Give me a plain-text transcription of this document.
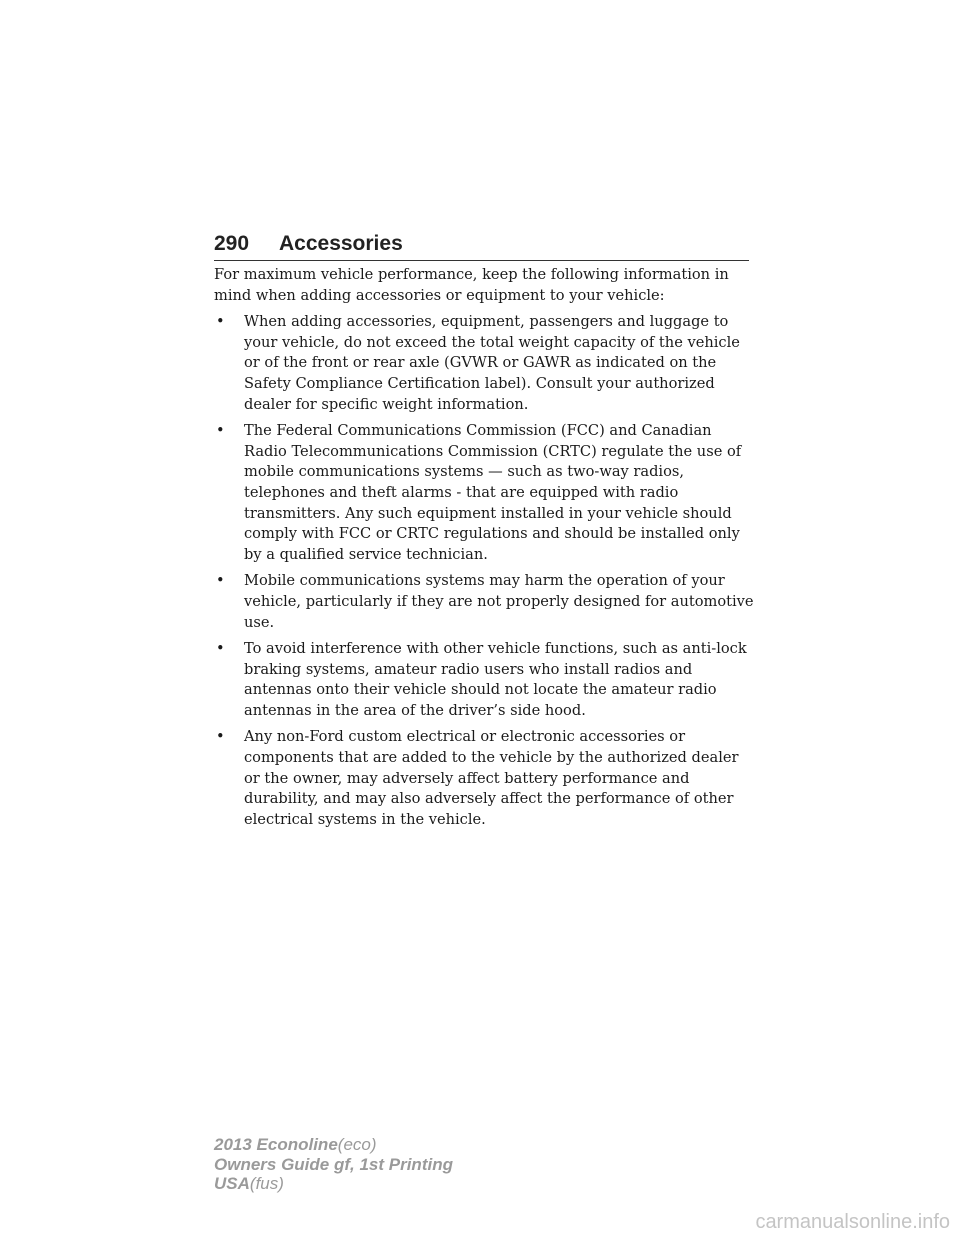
290 Accessories

For maximum vehicle performance, keep the following information in mind when adding accessories or equipment to your vehicle:

• When adding accessories, equipment, passengers and luggage to your vehicle, do not exceed the total weight capacity of the vehicle or of the front or rear axle (GVWR or GAWR as indicated on the Safety Compliance Certification label). Consult your authorized dealer for specific weight information.
• The Federal Communications Commission (FCC) and Canadian Radio Telecommunications Commission (CRTC) regulate the use of mobile communications systems — such as two-way radios, telephones and theft alarms - that are equipped with radio transmitters. Any such equipment installed in your vehicle should comply with FCC or CRTC regulations and should be installed only by a qualified service technician.
• Mobile communications systems may harm the operation of your vehicle, particularly if they are not properly designed for automotive use.
• To avoid interference with other vehicle functions, such as anti-lock braking systems, amateur radio users who install radios and antennas onto their vehicle should not locate the amateur radio antennas in the area of the driver’s side hood.
• Any non-Ford custom electrical or electronic accessories or components that are added to the vehicle by the authorized dealer or the owner, may adversely affect battery performance and durability, and may also adversely affect the performance of other electrical systems in the vehicle.
2013 Econoline(eco)
Owners Guide gf, 1st Printing
USA(fus)
carmanualsonline.info
